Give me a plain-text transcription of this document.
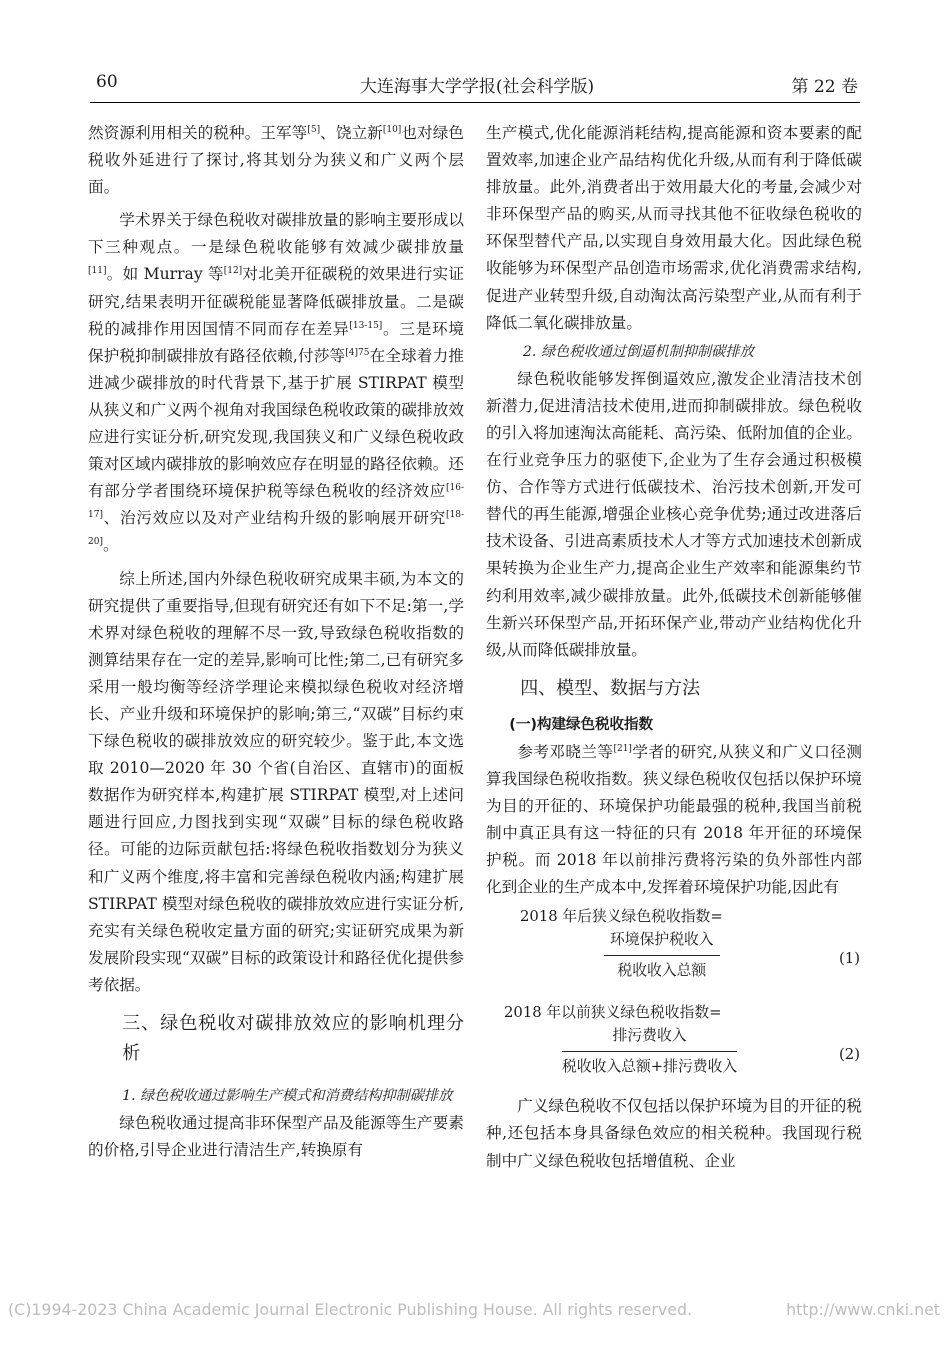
60	大连海事大学学报(社会科学版)	第 22 卷

然资源利用相关的税种。王军等[5]、饶立新[10]也对绿色税收外延进行了探讨,将其划分为狭义和广义两个层面。

学术界关于绿色税收对碳排放量的影响主要形成以下三种观点。一是绿色税收能够有效减少碳排放量[11]。如 Murray 等[12]对北美开征碳税的效果进行实证研究,结果表明开征碳税能显著降低碳排放量。二是碳税的减排作用因国情不同而存在差异[13-15]。三是环境保护税抑制碳排放有路径依赖,付莎等$^{[4]75}$在全球着力推进减少碳排放的时代背景下,基于扩展 STIRPAT 模型从狭义和广义两个视角对我国绿色税收政策的碳排放效应进行实证分析,研究发现,我国狭义和广义绿色税收政策对区域内碳排放的影响效应存在明显的路径依赖。还有部分学者围绕环境保护税等绿色税收的经济效应[16-17]、治污效应以及对产业结构升级的影响展开研究[18-20]。

综上所述,国内外绿色税收研究成果丰硕,为本文的研究提供了重要指导,但现有研究还有如下不足:第一,学术界对绿色税收的理解不尽一致,导致绿色税收指数的测算结果存在一定的差异,影响可比性;第二,已有研究多采用一般均衡等经济学理论来模拟绿色税收对经济增长、产业升级和环境保护的影响;第三,“双碳”目标约束下绿色税收的碳排放效应的研究较少。鉴于此,本文选取 2010—2020 年 30 个省(自治区、直辖市)的面板数据作为研究样本,构建扩展 STIRPAT 模型,对上述问题进行回应,力图找到实现“双碳”目标的绿色税收路径。可能的边际贡献包括:将绿色税收指数划分为狭义和广义两个维度,将丰富和完善绿色税收内涵;构建扩展 STIRPAT 模型对绿色税收的碳排放效应进行实证分析,充实有关绿色税收定量方面的研究;实证研究成果为新发展阶段实现“双碳”目标的政策设计和路径优化提供参考依据。

三、绿色税收对碳排放效应的影响机理分析
1. 绿色税收通过影响生产模式和消费结构抑制碳排放

绿色税收通过提高非环保型产品及能源等生产要素的价格,引导企业进行清洁生产,转换原有

生产模式,优化能源消耗结构,提高能源和资本要素的配置效率,加速企业产品结构优化升级,从而有利于降低碳排放量。此外,消费者出于效用最大化的考量,会减少对非环保型产品的购买,从而寻找其他不征收绿色税收的环保型替代产品,以实现自身效用最大化。因此绿色税收能够为环保型产品创造市场需求,优化消费需求结构,促进产业转型升级,自动淘汰高污染型产业,从而有利于降低二氧化碳排放量。

2. 绿色税收通过倒逼机制抑制碳排放

绿色税收能够发挥倒逼效应,激发企业清洁技术创新潜力,促进清洁技术使用,进而抑制碳排放。绿色税收的引入将加速淘汰高能耗、高污染、低附加值的企业。在行业竞争压力的驱使下,企业为了生存会通过积极模仿、合作等方式进行低碳技术、治污技术创新,开发可替代的再生能源,增强企业核心竞争优势;通过改进落后技术设备、引进高素质技术人才等方式加速技术创新成果转换为企业生产力,提高企业生产效率和能源集约节约利用效率,减少碳排放量。此外,低碳技术创新能够催生新兴环保型产品,开拓环保产业,带动产业结构优化升级,从而降低碳排放量。

四、模型、数据与方法
(一)构建绿色税收指数

参考邓晓兰等[21]学者的研究,从狭义和广义口径测算我国绿色税收指数。狭义绿色税收仅包括以保护环境为目的开征的、环境保护功能最强的税种,我国当前税制中真正具有这一特征的只有 2018 年开征的环境保护税。而 2018 年以前排污费将污染的负外部性内部化到企业的生产成本中,发挥着环境保护功能,因此有

2018 年后狭义绿色税收指数=
环境保护税收入
税收收入总额
(1)
2018 年以前狭义绿色税收指数=
排污费收入
税收收入总额+排污费收入
(2)

广义绿色税收不仅包括以保护环境为目的开征的税种,还包括本身具备绿色效应的相关税种。我国现行税制中广义绿色税收包括增值税、企业

(C)1994-2023 China Academic Journal Electronic Publishing House. All rights reserved.	http://www.cnki.net
